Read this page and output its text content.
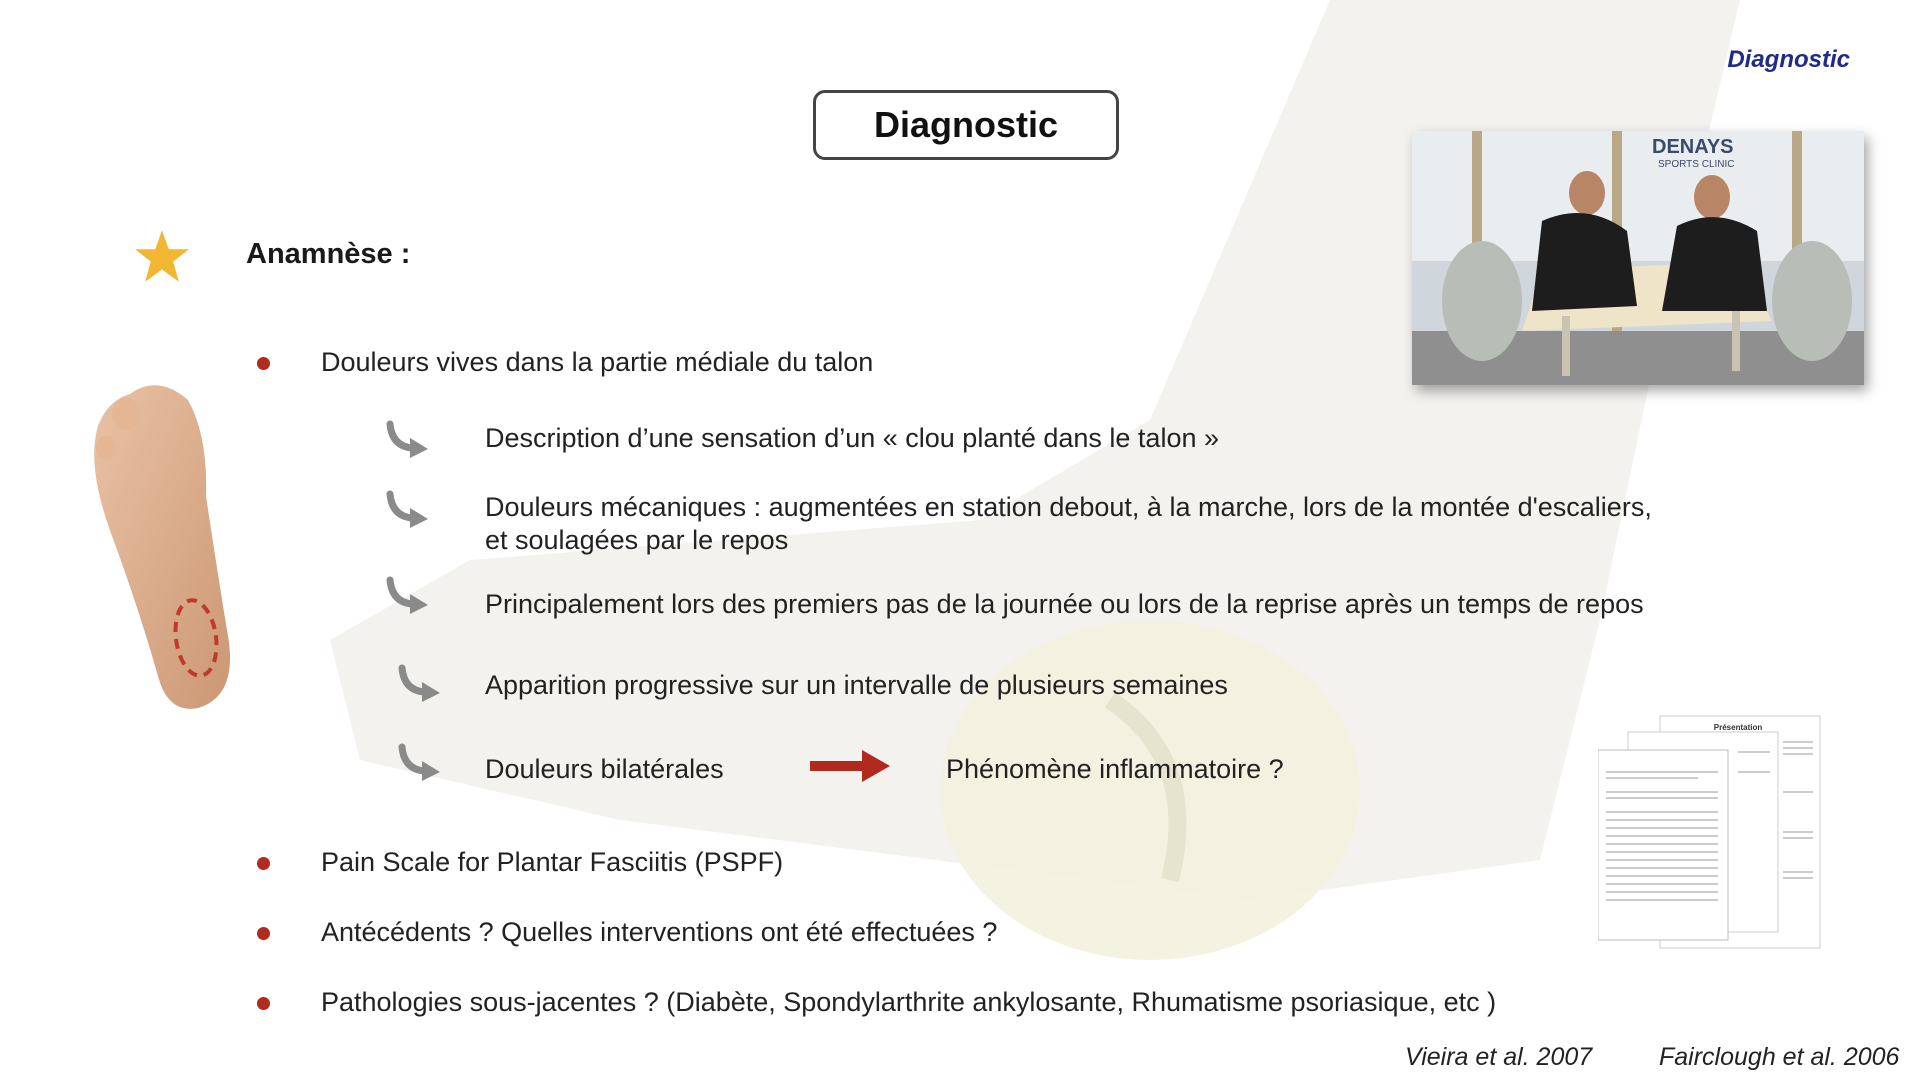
Diagnostic
Diagnostic
Anamnèse :
Douleurs vives dans la partie médiale du talon
Description d’une sensation d’un « clou planté dans le talon »
Douleurs mécaniques : augmentées en station debout, à la marche, lors de la montée d'escaliers,
et soulagées par le repos
Principalement lors des premiers pas de la journée ou lors de la reprise après un temps de repos
Apparition progressive sur un intervalle de plusieurs semaines
Douleurs bilatérales	Phénomène inflammatoire ?
Pain Scale for Plantar Fasciitis (PSPF)
Antécédents ? Quelles interventions ont été effectuées ?
Pathologies sous-jacentes ? (Diabète, Spondylarthrite ankylosante, Rhumatisme psoriasique, etc )
DENAYS
SPORTS CLINIC
Présentation
Vieira et al. 2007	Fairclough et al. 2006
